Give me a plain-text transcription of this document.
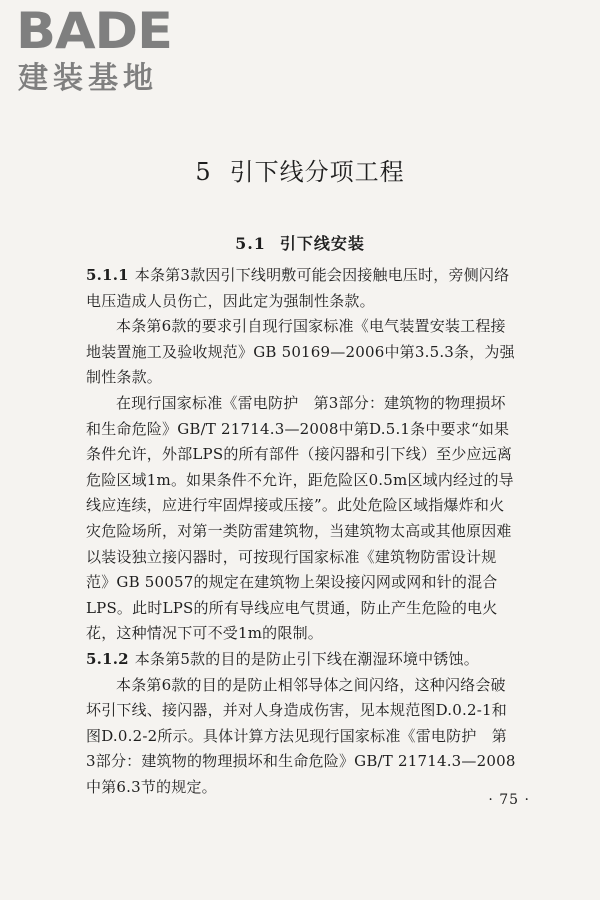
BADE
建装基地
5 引下线分项工程
5.1 引下线安装

5.1.1 本条第3款因引下线明敷可能会因接触电压时，旁侧闪络电压造成人员伤亡，因此定为强制性条款。

本条第6款的要求引自现行国家标准《电气装置安装工程接地装置施工及验收规范》GB 50169—2006中第3.5.3条，为强制性条款。

在现行国家标准《雷电防护　第3部分：建筑物的物理损坏和生命危险》GB/T 21714.3—2008中第D.5.1条中要求“如果条件允许，外部LPS的所有部件（接闪器和引下线）至少应远离危险区域1m。如果条件不允许，距危险区0.5m区域内经过的导线应连续，应进行牢固焊接或压接”。此处危险区域指爆炸和火灾危险场所，对第一类防雷建筑物，当建筑物太高或其他原因难以装设独立接闪器时，可按现行国家标准《建筑物防雷设计规范》GB 50057的规定在建筑物上架设接闪网或网和针的混合LPS。此时LPS的所有导线应电气贯通，防止产生危险的电火花，这种情况下可不受1m的限制。

5.1.2 本条第5款的目的是防止引下线在潮湿环境中锈蚀。

本条第6款的目的是防止相邻导体之间闪络，这种闪络会破坏引下线、接闪器，并对人身造成伤害，见本规范图D.0.2-1和图D.0.2-2所示。具体计算方法见现行国家标准《雷电防护　第3部分：建筑物的物理损坏和生命危险》GB/T 21714.3—2008中第6.3节的规定。

· 75 ·
